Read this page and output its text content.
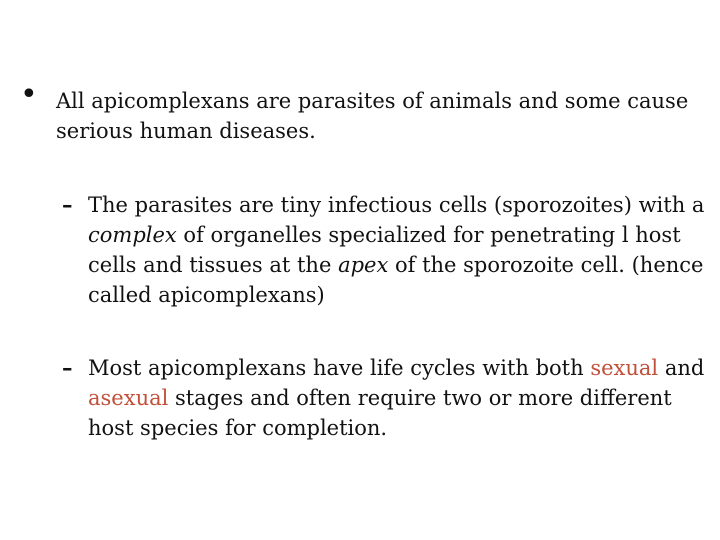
• All apicomplexans are parasites of animals and some cause serious human diseases.
– The parasites are tiny infectious cells (sporozoites) with a complex of organelles specialized for penetrating l host cells and tissues at the apex of the sporozoite cell. (hence called apicomplexans)
– Most apicomplexans have life cycles with both sexual and asexual stages and often require two or more different host species for completion.
